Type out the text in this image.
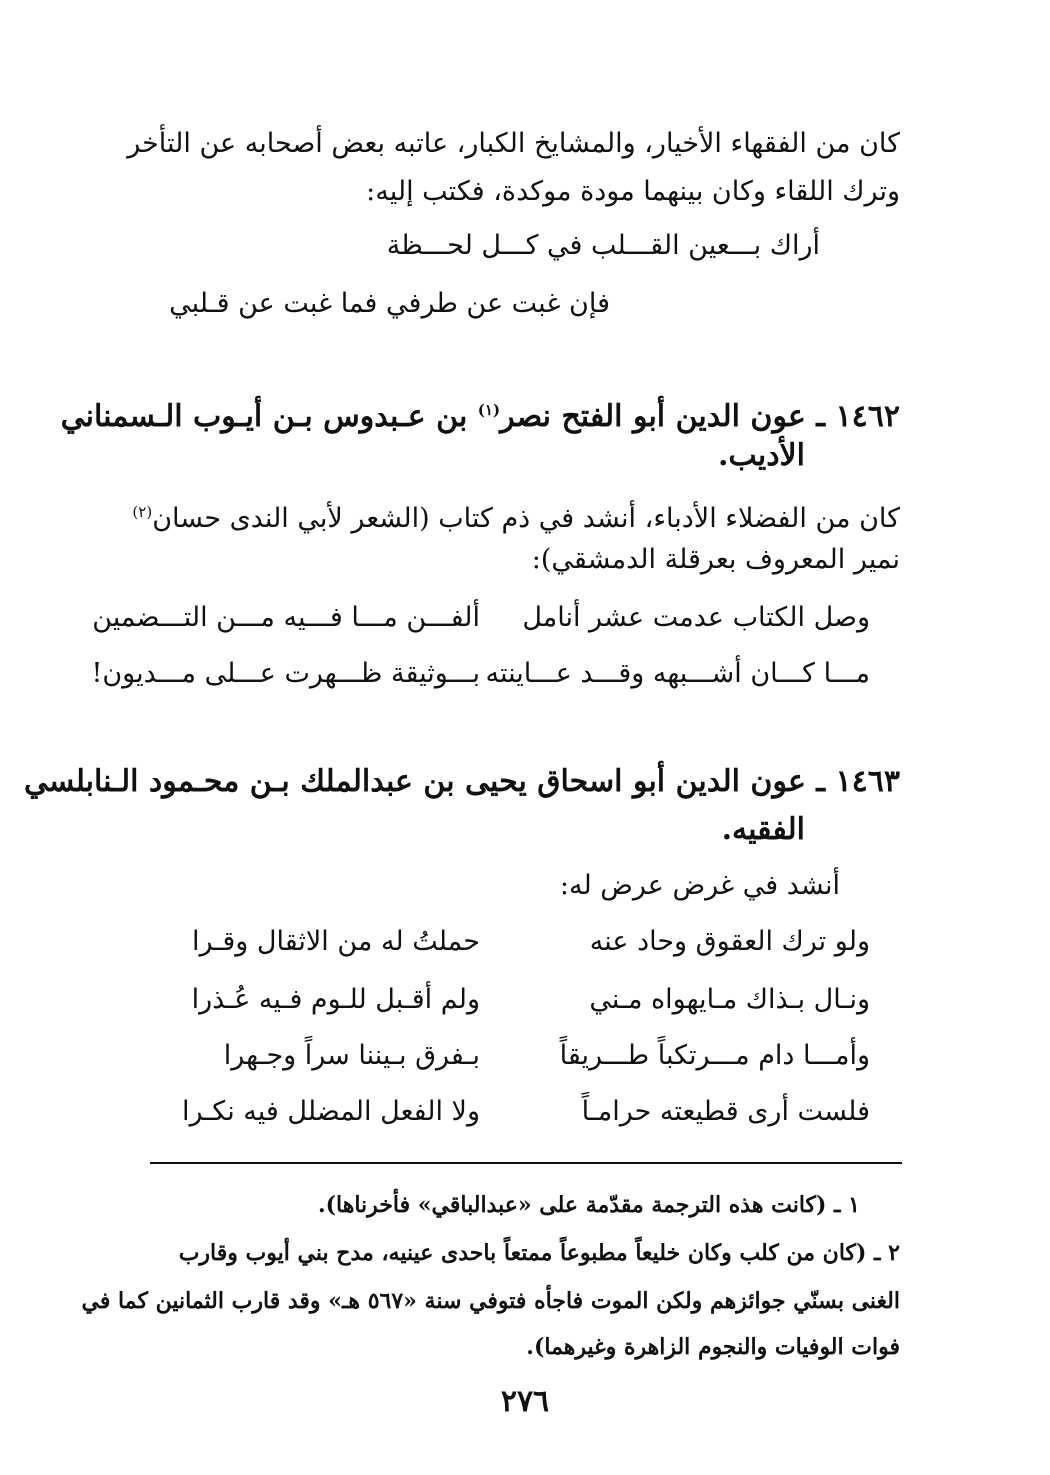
كان من الفقهاء الأخيار، والمشايخ الكبار، عاتبه بعض أصحابه عن التأخر
وترك اللقاء وكان بينهما مودة موكدة، فكتب إليه:
أراك بـــعين القـــلب في كـــل لحـــظة
فإن غبت عن طرفي فما غبت عن قـلبي
١٤٦٢ ـ عون الدين أبو الفتح نصر$^{(١)}$ بن عـبدوس بـن أيـوب الـسمناني
الأديب.
كان من الفضلاء الأدباء، أنشد في ذم كتاب (الشعر لأبي الندى حسان$^{(٢)}$
نمير المعروف بعرقلة الدمشقي):
وصل الكتاب عدمت عشر أنامل
ألفـــن مـــا فـــيه مـــن التـــضمين
مـــا كـــان أشـــبهه وقـــد عـــاينته
بـــوثيقة ظـــهرت عـــلى مـــديون!
١٤٦٣ ـ عون الدين أبو اسحاق يحيى بن عبدالملك بـن محـمود الـنابلسي
الفقيه.
أنشد في غرض عرض له:
ولو ترك العقوق وحاد عنه
حملتُ له من الاثقال وقـرا
ونـال بـذاك مـايهواه مـني
ولم أقـبل للـوم فـيه عُـذرا
وأمـــا دام مـــرتكباً طـــريقاً
بـفرق بـيننا سراً وجـهرا
فلست أرى قطيعته حرامـاً
ولا الفعل المضلل فيه نكـرا
١ ـ (كانت هذه الترجمة مقدّمة على «عبدالباقي» فأخرناها).
٢ ـ (كان من كلب وكان خليعاً مطبوعاً ممتعاً باحدى عينيه، مدح بني أيوب وقارب
الغنى بسنّي جوائزهم ولكن الموت فاجأه فتوفي سنة «٥٦٧ هـ» وقد قارب الثمانين كما في
فوات الوفيات والنجوم الزاهرة وغيرهما).
٢٧٦
